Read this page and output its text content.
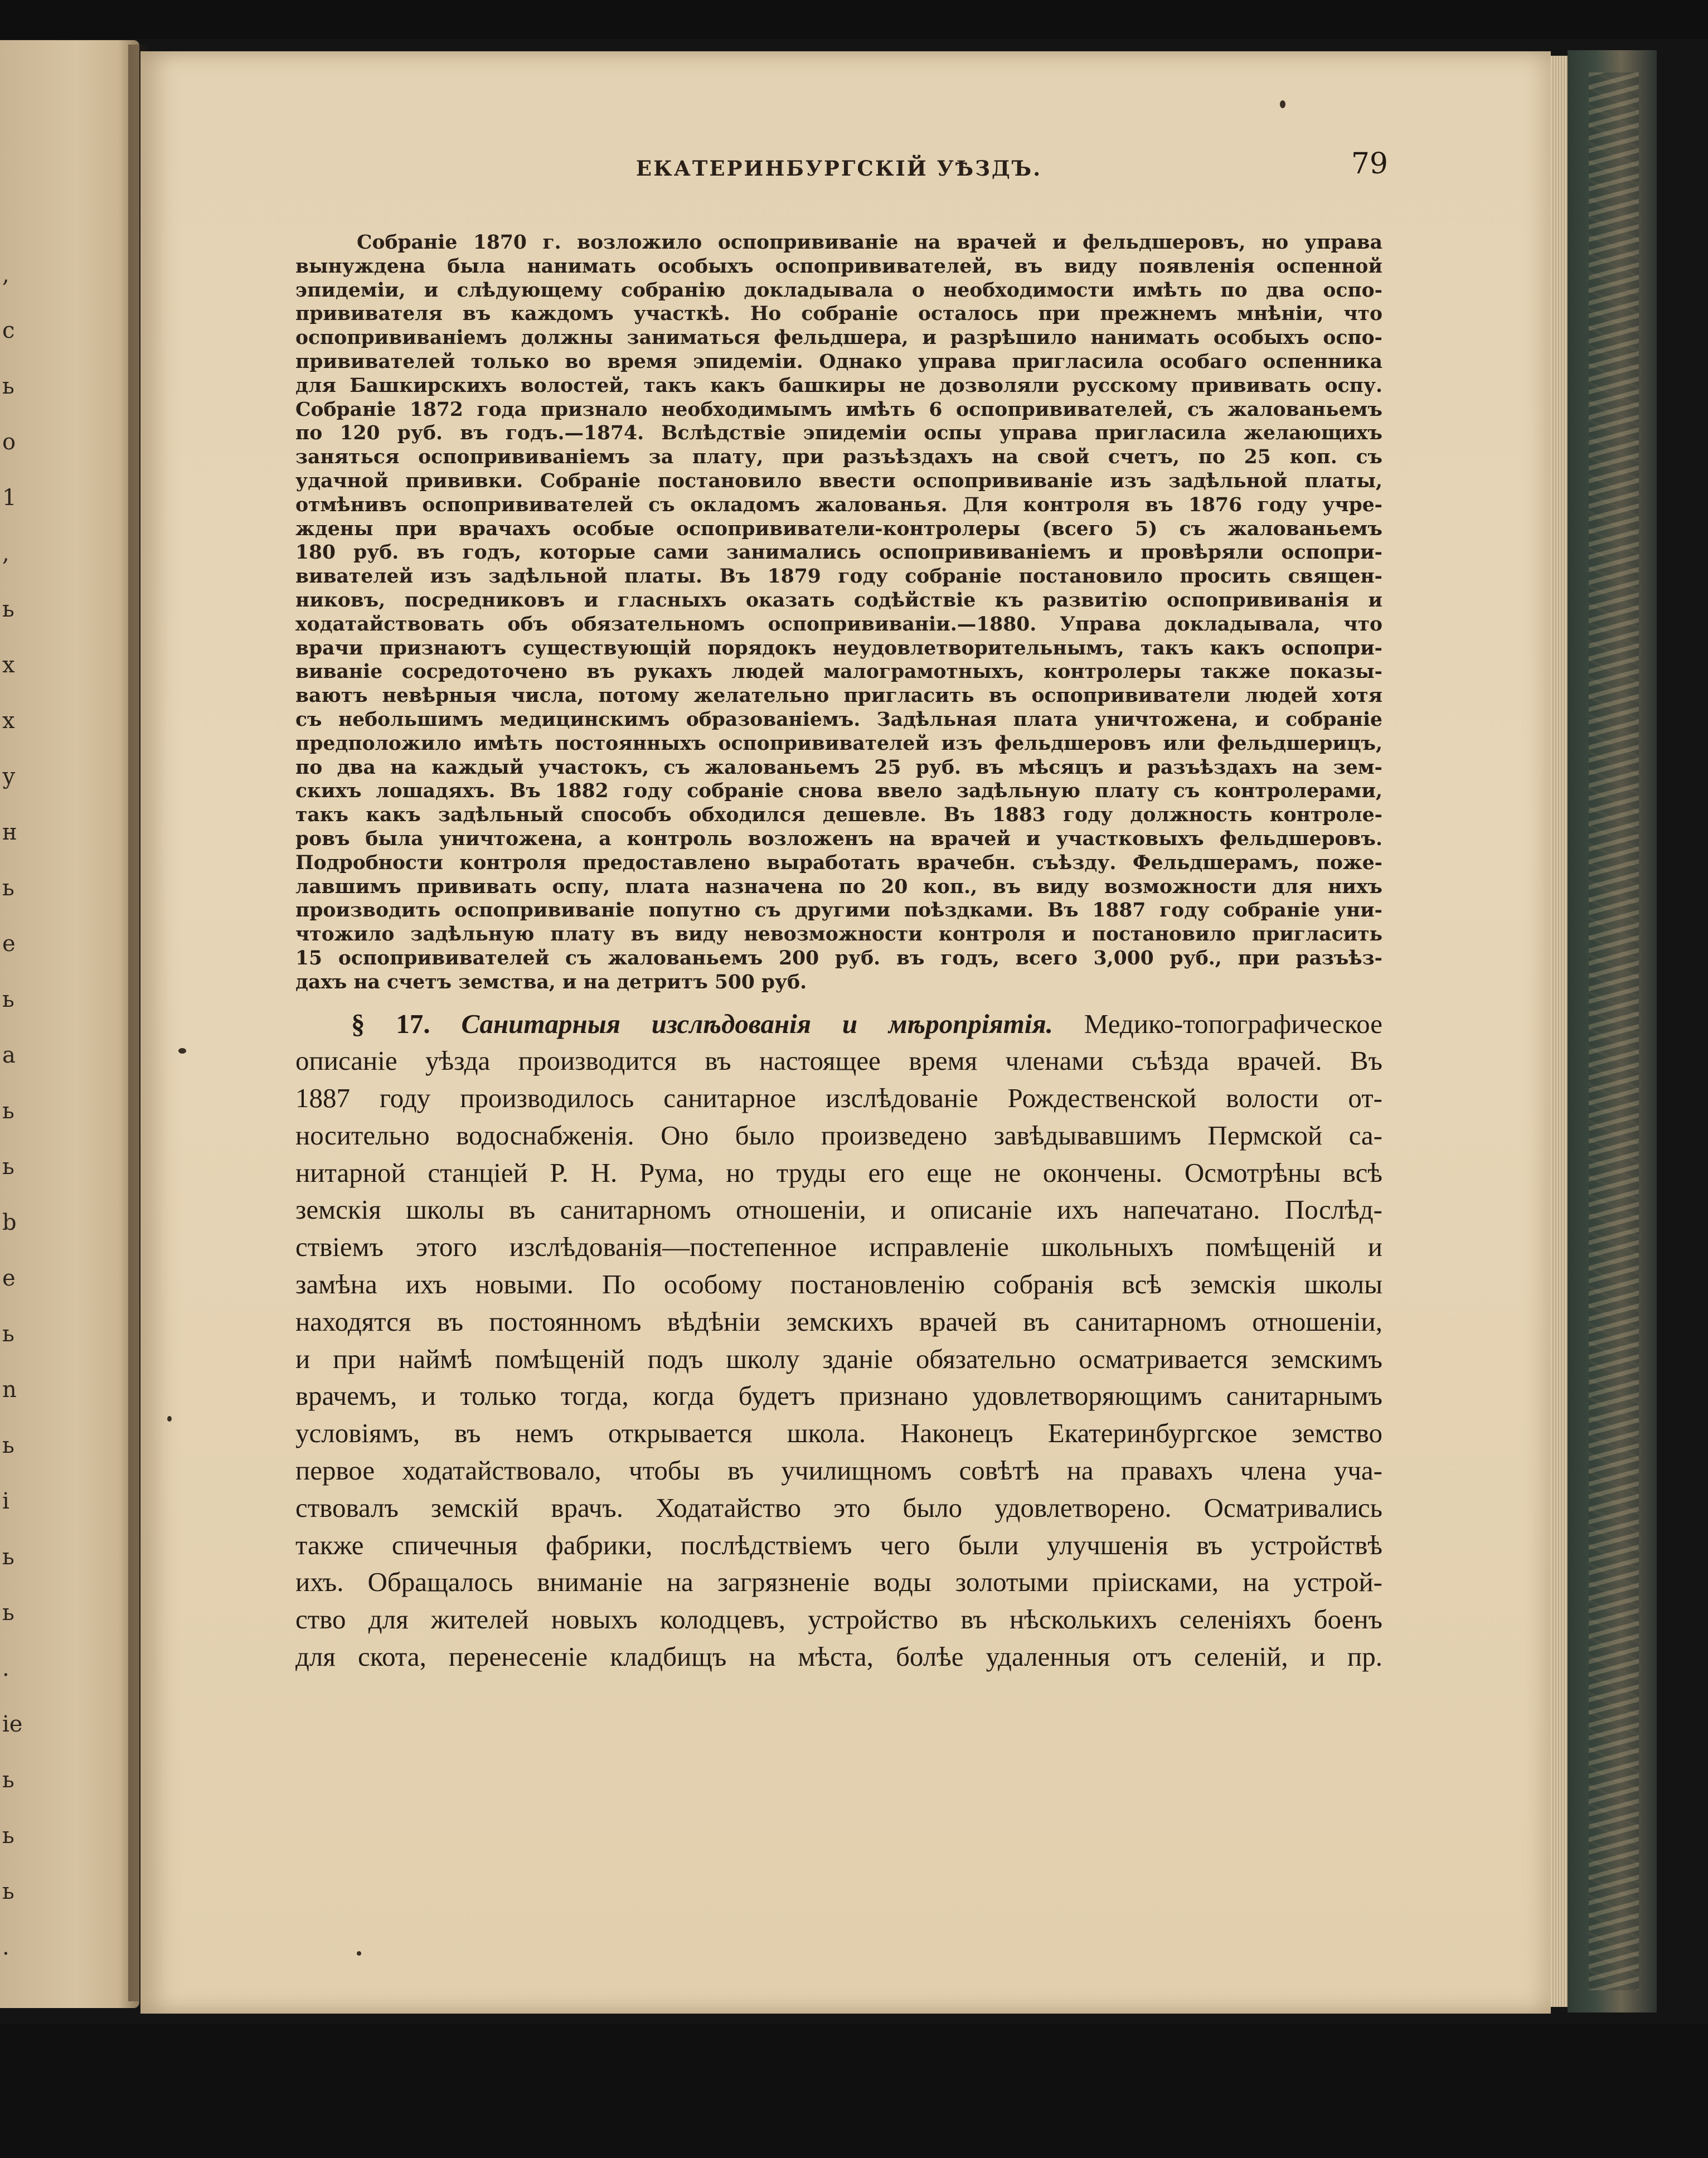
,
с
ь
о
1
,
ь
х
х
у
н
ь
e
ь
a
ь
ь
b
e
ь
n
ь
i
ь
ь
.
ie
ь
ь
ь
.
ЕКАТЕРИНБУРГСКІЙ УѢЗДЪ.	79
Собраніе 1870 г. возложило оспопрививаніе на врачей и фельдшеровъ, но управа
вынуждена была нанимать особыхъ оспопрививателей, въ виду появленія оспенной
эпидеміи, и слѣдующему собранію докладывала о необходимости имѣть по два оспо-
прививателя въ каждомъ участкѣ. Но собраніе осталось при прежнемъ мнѣніи, что
оспопрививаніемъ должны заниматься фельдшера, и разрѣшило нанимать особыхъ оспо-
прививателей только во время эпидеміи. Однако управа пригласила особаго оспенника
для Башкирскихъ волостей, такъ какъ башкиры не дозволяли русскому прививать оспу.
Собраніе 1872 года признало необходимымъ имѣть 6 оспопрививателей, съ жалованьемъ
по 120 руб. въ годъ.—1874. Вслѣдствіе эпидеміи оспы управа пригласила желающихъ
заняться оспопрививаніемъ за плату, при разъѣздахъ на свой счетъ, по 25 коп. съ
удачной прививки. Собраніе постановило ввести оспопрививаніе изъ задѣльной платы,
отмѣнивъ оспопрививателей съ окладомъ жалованья. Для контроля въ 1876 году учре-
ждены при врачахъ особые оспопрививатели-контролеры (всего 5) съ жалованьемъ
180 руб. въ годъ, которые сами занимались оспопрививаніемъ и провѣряли оспопри-
вивателей изъ задѣльной платы. Въ 1879 году собраніе постановило просить священ-
никовъ, посредниковъ и гласныхъ оказать содѣйствіе къ развитію оспопрививанія и
ходатайствовать объ обязательномъ оспопрививаніи.—1880. Управа докладывала, что
врачи признаютъ существующій порядокъ неудовлетворительнымъ, такъ какъ оспопри-
виваніе сосредоточено въ рукахъ людей малограмотныхъ, контролеры также показы-
ваютъ невѣрныя числа, потому желательно пригласить въ оспопрививатели людей хотя
съ небольшимъ медицинскимъ образованіемъ. Задѣльная плата уничтожена, и собраніе
предположило имѣть постоянныхъ оспопрививателей изъ фельдшеровъ или фельдшерицъ,
по два на каждый участокъ, съ жалованьемъ 25 руб. въ мѣсяцъ и разъѣздахъ на зем-
скихъ лошадяхъ. Въ 1882 году собраніе снова ввело задѣльную плату съ контролерами,
такъ какъ задѣльный способъ обходился дешевле. Въ 1883 году должность контроле-
ровъ была уничтожена, а контроль возложенъ на врачей и участковыхъ фельдшеровъ.
Подробности контроля предоставлено выработать врачебн. съѣзду. Фельдшерамъ, поже-
лавшимъ прививать оспу, плата назначена по 20 коп., въ виду возможности для нихъ
производить оспопрививаніе попутно съ другими поѣздками. Въ 1887 году собраніе уни-
чтожило задѣльную плату въ виду невозможности контроля и постановило пригласить
15 оспопрививателей съ жалованьемъ 200 руб. въ годъ, всего 3,000 руб., при разъѣз-
дахъ на счетъ земства, и на детритъ 500 руб.
§ 17. Санитарныя изслѣдованія и мѣропріятія. Медико-топографическое
описаніе уѣзда производится въ настоящее время членами съѣзда врачей. Въ
1887 году производилось санитарное изслѣдованіе Рождественской волости от-
носительно водоснабженія. Оно было произведено завѣдывавшимъ Пермской са-
нитарной станціей Р. Н. Рума, но труды его еще не окончены. Осмотрѣны всѣ
земскія школы въ санитарномъ отношеніи, и описаніе ихъ напечатано. Послѣд-
ствіемъ этого изслѣдованія—постепенное исправленіе школьныхъ помѣщеній и
замѣна ихъ новыми. По особому постановленію собранія всѣ земскія школы
находятся въ постоянномъ вѣдѣніи земскихъ врачей въ санитарномъ отношеніи,
и при наймѣ помѣщеній подъ школу зданіе обязательно осматривается земскимъ
врачемъ, и только тогда, когда будетъ признано удовлетворяющимъ санитарнымъ
условіямъ, въ немъ открывается школа. Наконецъ Екатеринбургское земство
первое ходатайствовало, чтобы въ училищномъ совѣтѣ на правахъ члена уча-
ствовалъ земскій врачъ. Ходатайство это было удовлетворено. Осматривались
также спичечныя фабрики, послѣдствіемъ чего были улучшенія въ устройствѣ
ихъ. Обращалось вниманіе на загрязненіе воды золотыми пріисками, на устрой-
ство для жителей новыхъ колодцевъ, устройство въ нѣсколькихъ селеніяхъ боенъ
для скота, перенесеніе кладбищъ на мѣста, болѣе удаленныя отъ селеній, и пр.
